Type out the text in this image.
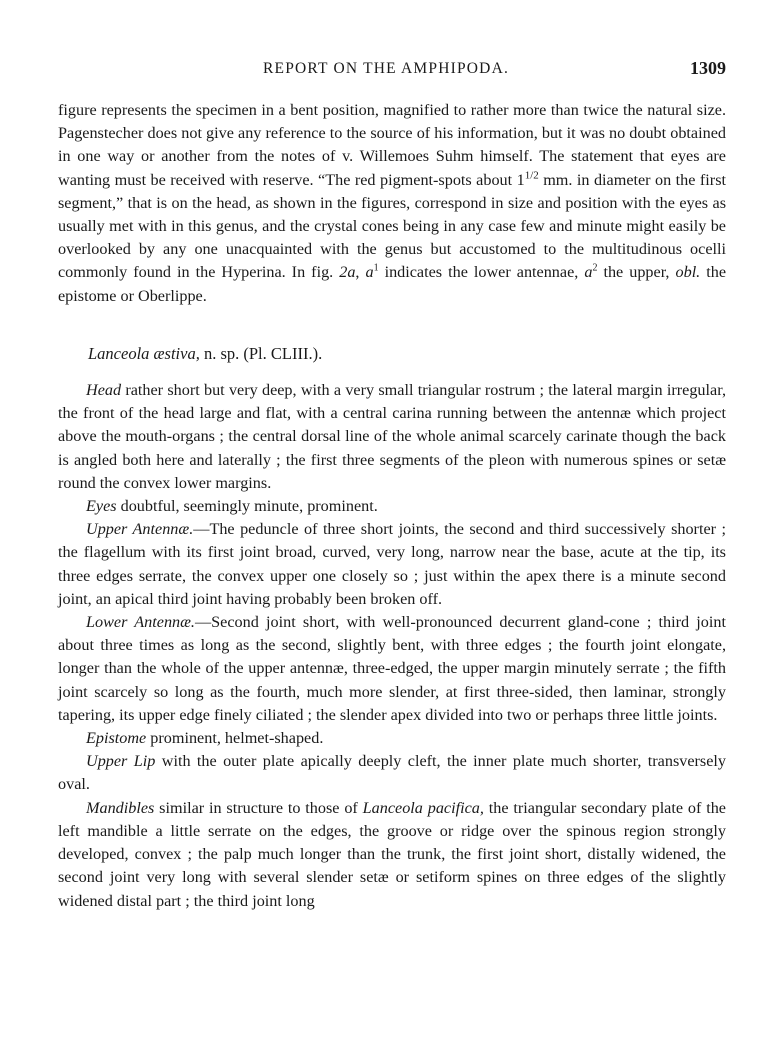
REPORT ON THE AMPHIPODA.	1309

figure represents the specimen in a bent position, magnified to rather more than twice the natural size. Pagenstecher does not give any reference to the source of his information, but it was no doubt obtained in one way or another from the notes of v. Willemoes Suhm himself. The statement that eyes are wanting must be received with reserve. “The red pigment-spots about $1^{1/2}$ mm. in diameter on the first segment,” that is on the head, as shown in the figures, correspond in size and position with the eyes as usually met with in this genus, and the crystal cones being in any case few and minute might easily be overlooked by any one unacquainted with the genus but accustomed to the multitudinous ocelli commonly found in the Hyperina. In fig. 2a, $a^1$ indicates the lower antennae, $a^2$ the upper, obl. the epistome or Oberlippe.

Lanceola æstiva, n. sp. (Pl. CLIII.).

Head rather short but very deep, with a very small triangular rostrum ; the lateral margin irregular, the front of the head large and flat, with a central carina running between the antennæ which project above the mouth-organs ; the central dorsal line of the whole animal scarcely carinate though the back is angled both here and laterally ; the first three segments of the pleon with numerous spines or setæ round the convex lower margins.

Eyes doubtful, seemingly minute, prominent.

Upper Antennæ.—The peduncle of three short joints, the second and third successively shorter ; the flagellum with its first joint broad, curved, very long, narrow near the base, acute at the tip, its three edges serrate, the convex upper one closely so ; just within the apex there is a minute second joint, an apical third joint having probably been broken off.

Lower Antennæ.—Second joint short, with well-pronounced decurrent gland-cone ; third joint about three times as long as the second, slightly bent, with three edges ; the fourth joint elongate, longer than the whole of the upper antennæ, three-edged, the upper margin minutely serrate ; the fifth joint scarcely so long as the fourth, much more slender, at first three-sided, then laminar, strongly tapering, its upper edge finely ciliated ; the slender apex divided into two or perhaps three little joints.

Epistome prominent, helmet-shaped.

Upper Lip with the outer plate apically deeply cleft, the inner plate much shorter, transversely oval.

Mandibles similar in structure to those of Lanceola pacifica, the triangular secondary plate of the left mandible a little serrate on the edges, the groove or ridge over the spinous region strongly developed, convex ; the palp much longer than the trunk, the first joint short, distally widened, the second joint very long with several slender setæ or setiform spines on three edges of the slightly widened distal part ; the third joint long
